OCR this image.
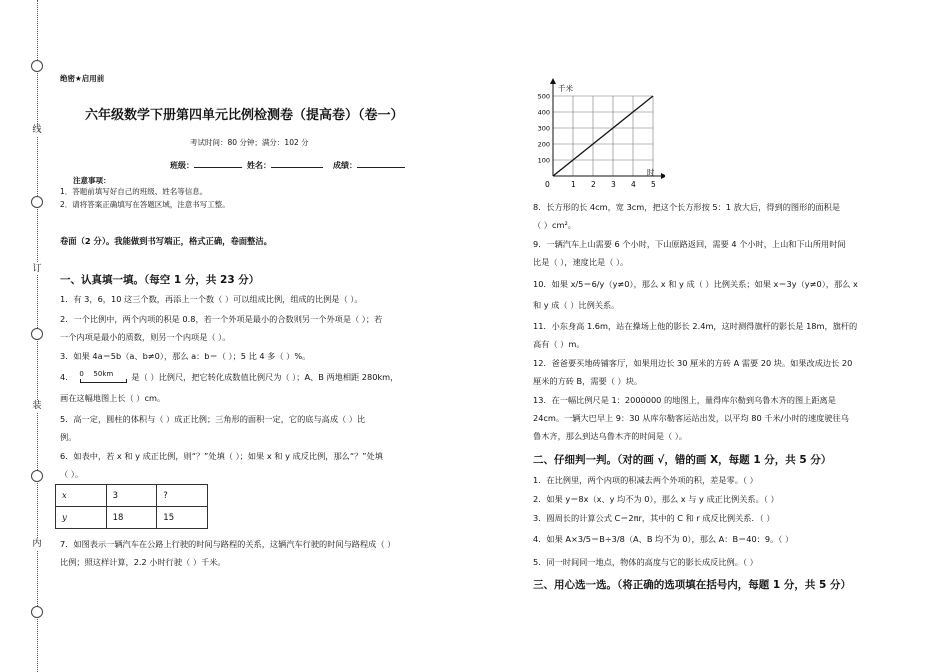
线
订
装
内
绝密★启用前
六年级数学下册第四单元比例检测卷（提高卷）（卷一）
考试时间：80 分钟；满分：102 分
班级：	姓名：	成绩：
注意事项：
1．答题前填写好自己的班级、姓名等信息。
2．请将答案正确填写在答题区域，注意书写工整。
卷面（2 分）。我能做到书写端正，格式正确，卷面整洁。
一、认真填一填。（每空 1 分，共 23 分）
1．有 3，6，10 这三个数，再添上一个数（ ）可以组成比例，组成的比例是（ ）。
2．一个比例中，两个内项的积是 0.8，若一个外项是最小的合数则另一个外项是（ ）；若
一个内项是最小的质数，则另一个内项是（ ）。
3．如果 4a＝5b（a、b≠0），那么 a：b＝（ ）；5 比 4 多（ ）%。
4． 0 50km 是（ ）比例尺，把它转化成数值比例尺为（ ）；A、B 两地相距 280km，
画在这幅地图上长（ ）cm。
5．高一定，圆柱的体积与（ ）成正比例；三角形的面积一定，它的底与高成（ ）比
例。
6．如表中，若 x 和 y 成正比例，则“？”处填（ ）；如果 x 和 y 成反比例，那么“？”处填
（ ）。
x	3	?
y	18	15
7．如图表示一辆汽车在公路上行驶的时间与路程的关系，这辆汽车行驶的时间与路程成（ ）
比例；照这样计算，2.2 小时行驶（ ）千米。
0	1 2 3 4 5
100
200
300
400
500
千米
时
8．长方形的长 4cm，宽 3cm，把这个长方形按 5：1 放大后，得到的图形的面积是
（ ）cm²。
9．一辆汽车上山需要 6 个小时，下山原路返回，需要 4 个小时，上山和下山所用时间
比是（ ），速度比是（ ）。
10．如果 x/5＝6/y（y≠0），那么 x 和 y 成（ ）比例关系；如果 x＝3y（y≠0），那么 x
和 y 成（ ）比例关系。
11．小东身高 1.6m，站在操场上他的影长 2.4m，这时测得旗杆的影长是 18m，旗杆的
高有（ ）m。
12．爸爸要买地砖铺客厅，如果用边长 30 厘米的方砖 A 需要 20 块。如果改成边长 20
厘米的方砖 B，需要（ ）块。
13．在一幅比例尺是 1：2000000 的地图上，量得库尔勒到乌鲁木齐的图上距离是
24cm。一辆大巴早上 9：30 从库尔勒客运站出发，以平均 80 千米/小时的速度驶往乌
鲁木齐，那么到达乌鲁木齐的时间是（ ）。
二、仔细判一判。（对的画 √，错的画 X，每题 1 分，共 5 分）
1．在比例里，两个内项的积减去两个外项的积，差是零。（ ）
2．如果 y＝8x（x、y 均不为 0），那么 x 与 y 成正比例关系。（ ）
3．圆周长的计算公式 C＝2πr，其中的 C 和 r 成反比例关系．（ ）
4．如果 A×3/5＝B÷3/8（A、B 均不为 0），那么 A：B＝40：9。（ ）
5．同一时间同一地点，物体的高度与它的影长成反比例。（ ）
三、用心选一选。（将正确的选项填在括号内，每题 1 分，共 5 分）
